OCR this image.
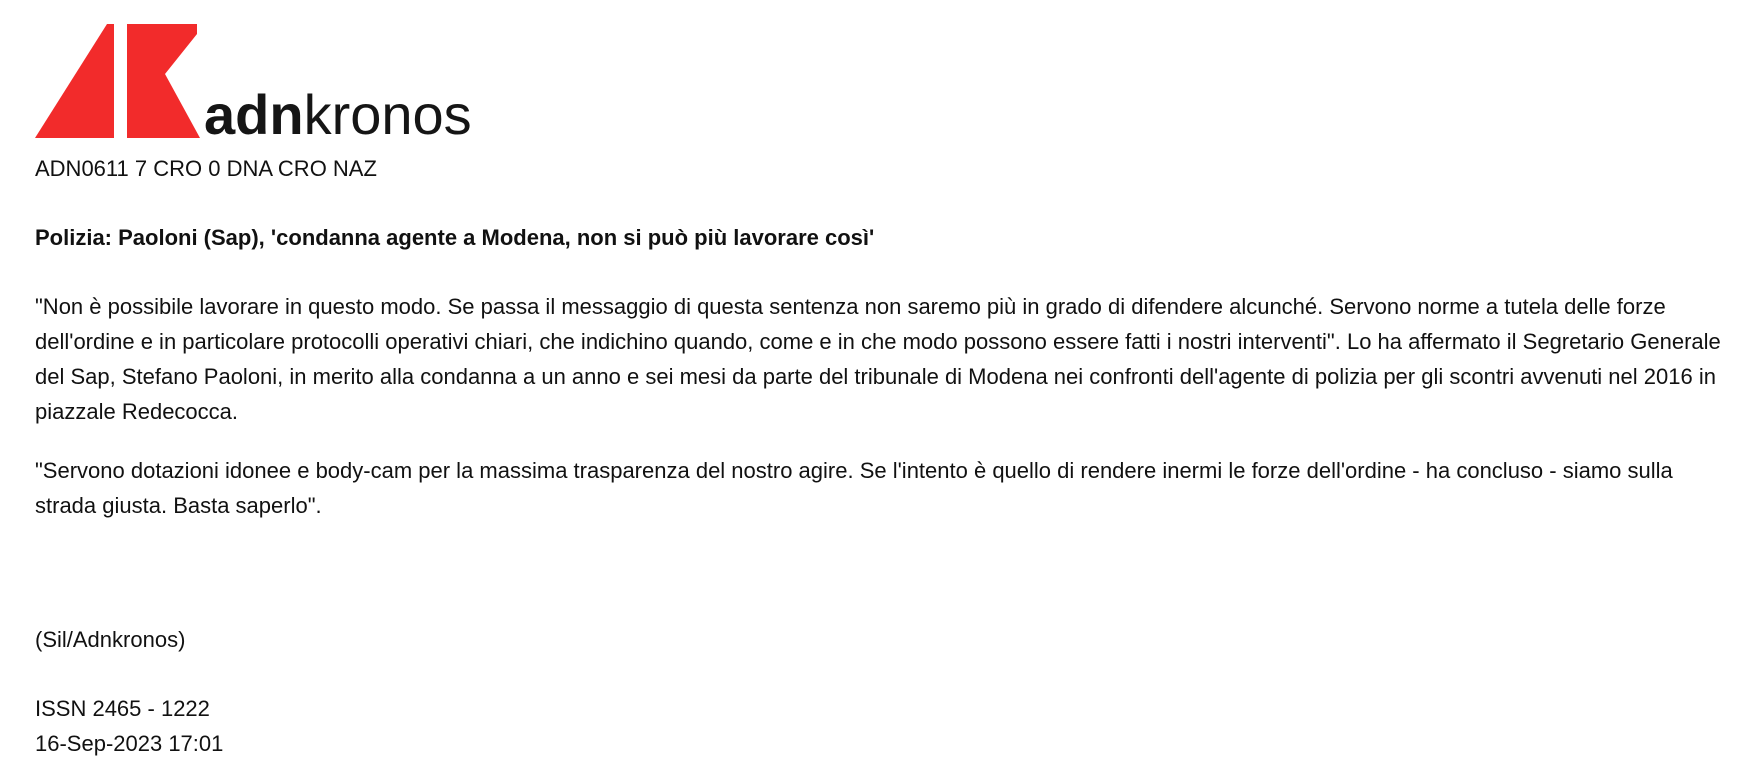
adnkronos

ADN0611 7 CRO 0 DNA CRO NAZ

Polizia: Paoloni (Sap), 'condanna agente a Modena, non si può più lavorare così'

"Non è possibile lavorare in questo modo. Se passa il messaggio di questa sentenza non saremo più in grado di difendere alcunché. Servono norme a tutela delle forze dell'ordine e in particolare protocolli operativi chiari, che indichino quando, come e in che modo possono essere fatti i nostri interventi". Lo ha affermato il Segretario Generale del Sap, Stefano Paoloni, in merito alla condanna a un anno e sei mesi da parte del tribunale di Modena nei confronti dell'agente di polizia per gli scontri avvenuti nel 2016 in piazzale Redecocca.

"Servono dotazioni idonee e body-cam per la massima trasparenza del nostro agire. Se l'intento è quello di rendere inermi le forze dell'ordine - ha concluso - siamo sulla strada giusta. Basta saperlo".

(Sil/Adnkronos)

ISSN 2465 - 1222

16-Sep-2023 17:01
